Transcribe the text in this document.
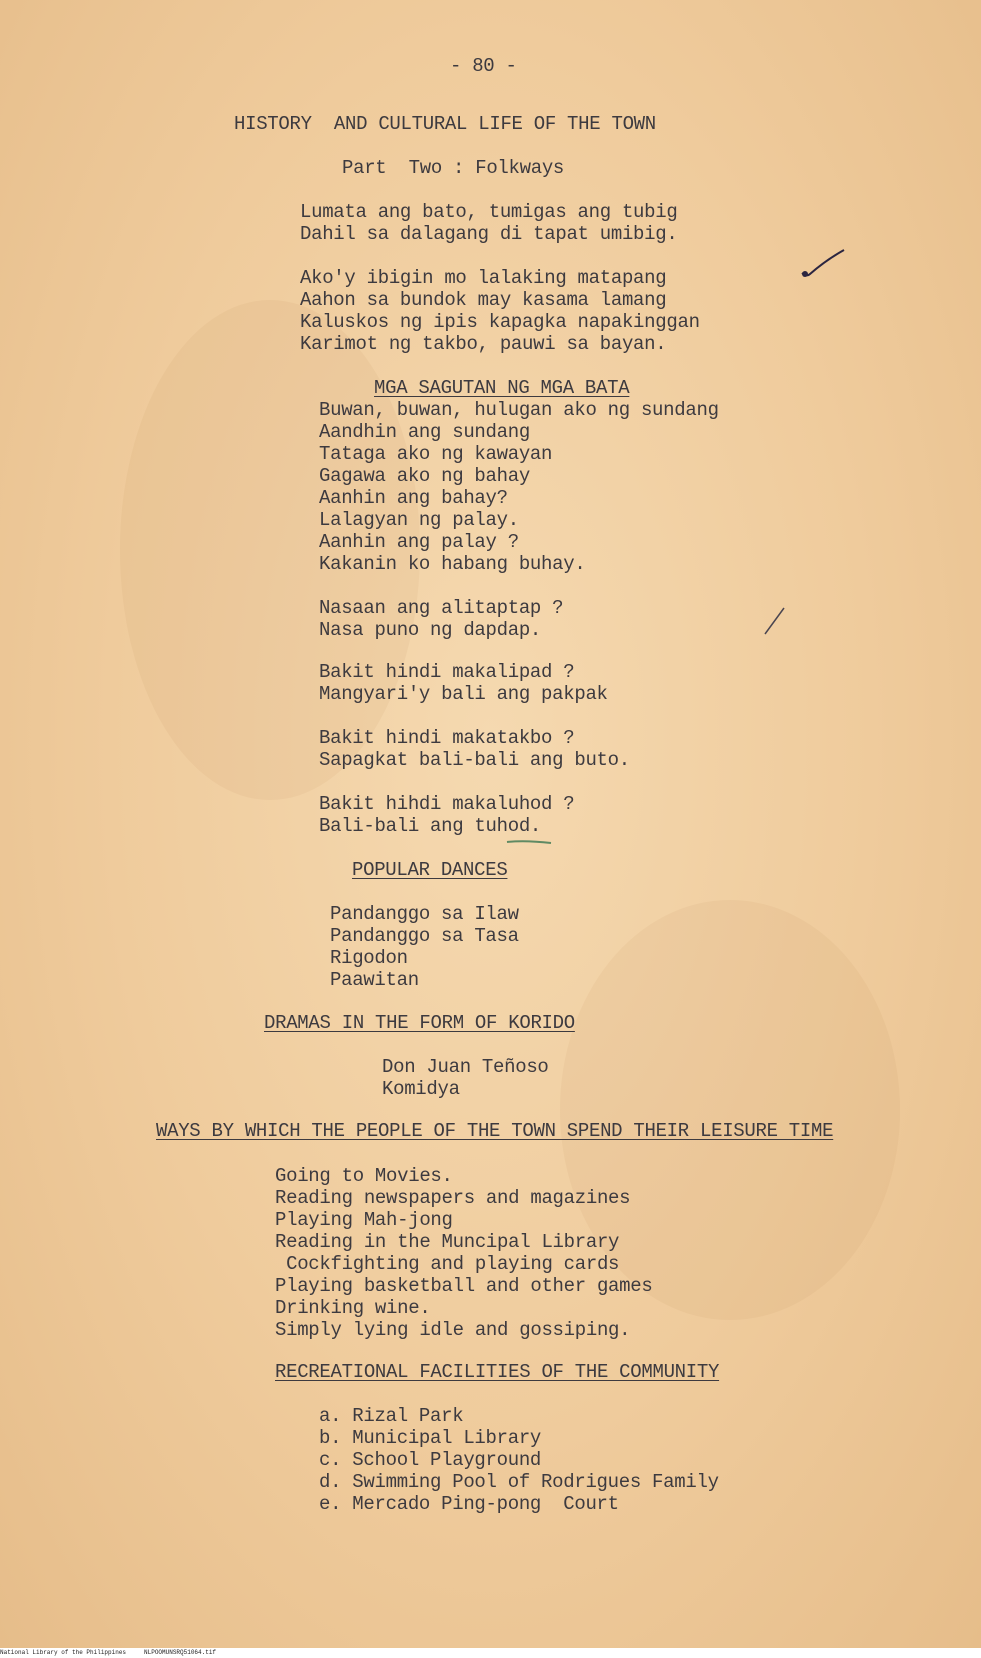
- 80 -
HISTORY  AND CULTURAL LIFE OF THE TOWN
Part  Two : Folkways
Lumata ang bato, tumigas ang tubig
Dahil sa dalagang di tapat umibig.
Ako'y ibigin mo lalaking matapang
Aahon sa bundok may kasama lamang
Kaluskos ng ipis kapagka napakinggan
Karimot ng takbo, pauwi sa bayan.
MGA SAGUTAN NG MGA BATA
Buwan, buwan, hulugan ako ng sundang
Aandhin ang sundang
Tataga ako ng kawayan
Gagawa ako ng bahay
Aanhin ang bahay?
Lalagyan ng palay.
Aanhin ang palay ?
Kakanin ko habang buhay.
Nasaan ang alitaptap ?
Nasa puno ng dapdap.
Bakit hindi makalipad ?
Mangyari'y bali ang pakpak
Bakit hindi makatakbo ?
Sapagkat bali-bali ang buto.
Bakit hihdi makaluhod ?
Bali-bali ang tuhod.
POPULAR DANCES
Pandanggo sa Ilaw
Pandanggo sa Tasa
Rigodon
Paawitan
DRAMAS IN THE FORM OF KORIDO
Don Juan Teñoso
Komidya
WAYS BY WHICH THE PEOPLE OF THE TOWN SPEND THEIR LEISURE TIME
Going to Movies.
Reading newspapers and magazines
Playing Mah-jong
Reading in the Muncipal Library
Cockfighting and playing cards
Playing basketball and other games
Drinking wine.
Simply lying idle and gossiping.
RECREATIONAL FACILITIES OF THE COMMUNITY
a. Rizal Park
b. Municipal Library
c. School Playground
d. Swimming Pool of Rodrigues Family
e. Mercado Ping-pong  Court
National Library of the Philippines     NLPOOMUNSRQ51064.tif
